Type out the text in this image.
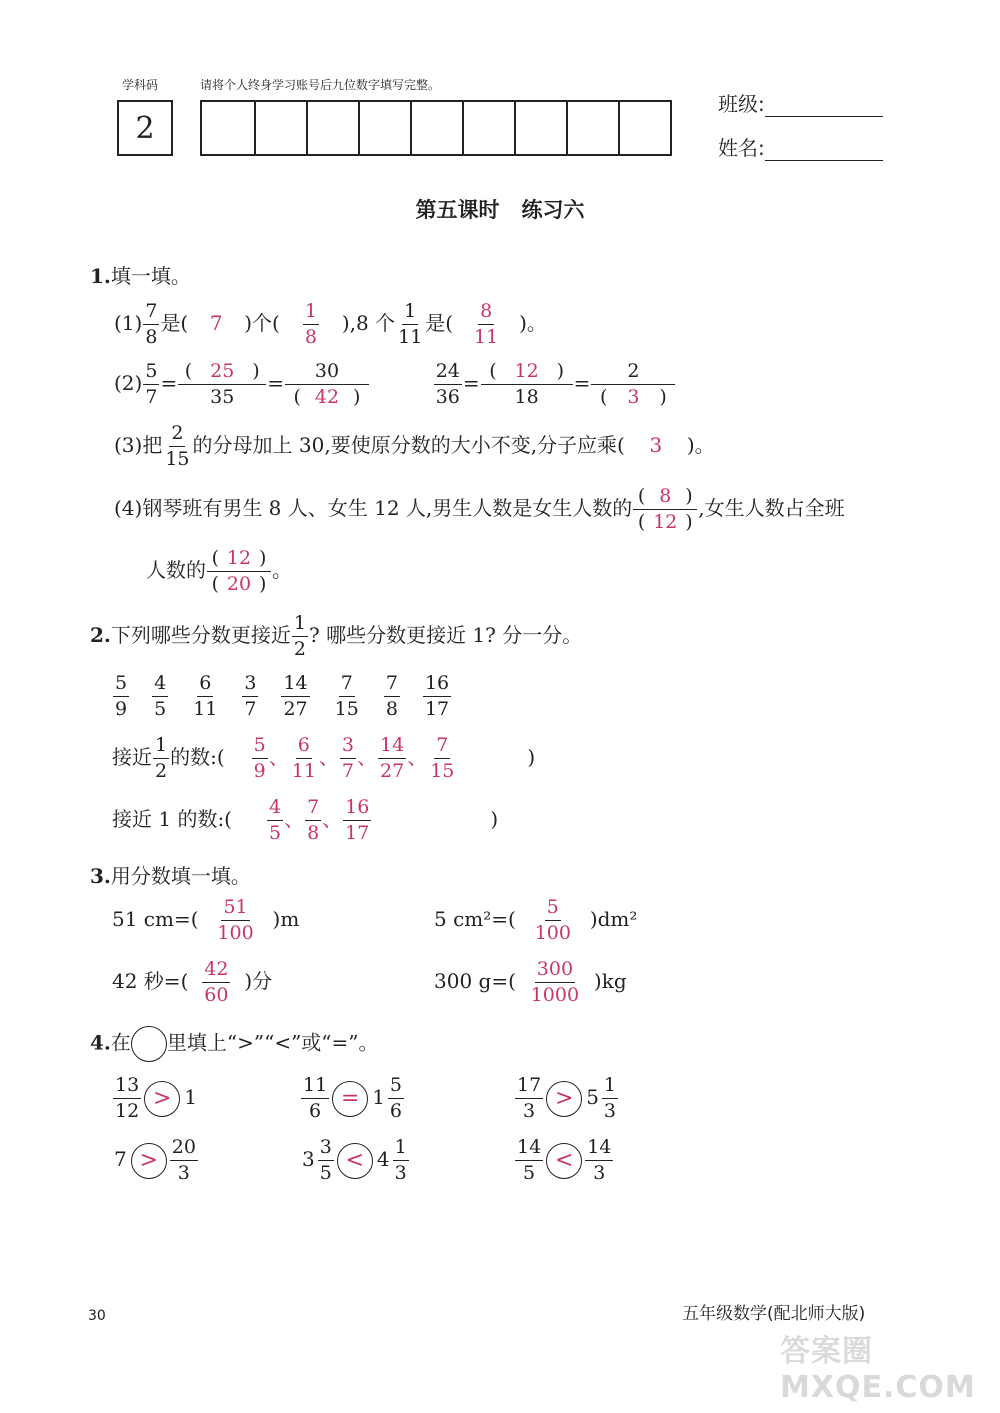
学科码
2
请将个人终身学习账号后九位数字填写完整。
班级:
姓名:
第五课时   练习六
1.填一填。
$(1) \frac{7}{8}$ 是( 7 )个( $\frac{1}{8} ),8$ 个 $\frac{1}{11}$ 是( $\frac{8}{11}$ )。
$(2) \frac{5}{7} = \frac{( 25 )}{35} = \frac{30}{( 42 )}$
	$\frac{24}{36} = \frac{( 12 )}{18} = \frac{2}{( 3 )}$
(3)把 $\frac{2}{15}$ 的分母加上 30,要使原分数的大小不变,分子应乘( 3 )。
(4)钢琴班有男生 8 人、女生 12 人,男生人数是女生人数的 $\frac{( 8 )}{( 12 )}$ ,女生人数占全班
人数的 $\frac{( 12 )}{( 20 )}$ 。
2.下列哪些分数更接近 $\frac{1}{2}$ ? 哪些分数更接近 1? 分一分。
$\frac{5}{9} \frac{4}{5} \frac{6}{11} \frac{3}{7} \frac{14}{27} \frac{7}{15} \frac{7}{8} \frac{16}{17}$
接近 $\frac{1}{2}$ 的数:( $\frac{5}{9}$ 、 $\frac{6}{11}$ 、 $\frac{3}{7}$ 、 $\frac{14}{27}$ 、 $\frac{7}{15}$	)
接近 1 的数:( $\frac{4}{5}$ 、 $\frac{7}{8}$ 、 $\frac{16}{17}$	)
3.用分数填一填。
51 $cm=( \frac{51}{100} )m$	5 $cm^2=( \frac{5}{100} )dm^2$
42 秒=( $\frac{42}{60}$ )分	300 $g=( \frac{300}{1000} )kg$
4.在 里填上“>”“<”或“=”。
$\frac{13}{12} > 1$	$\frac{11}{6} = 1 \frac{5}{6}$	$\frac{17}{3} > 5 \frac{1}{3}$
$7 > \frac{20}{3}$	$3 \frac{3}{5} < 4 \frac{1}{3}$	$\frac{14}{5} < \frac{14}{3}$
30	五年级数学(配北师大版)
答案圈 MXQE.COM
